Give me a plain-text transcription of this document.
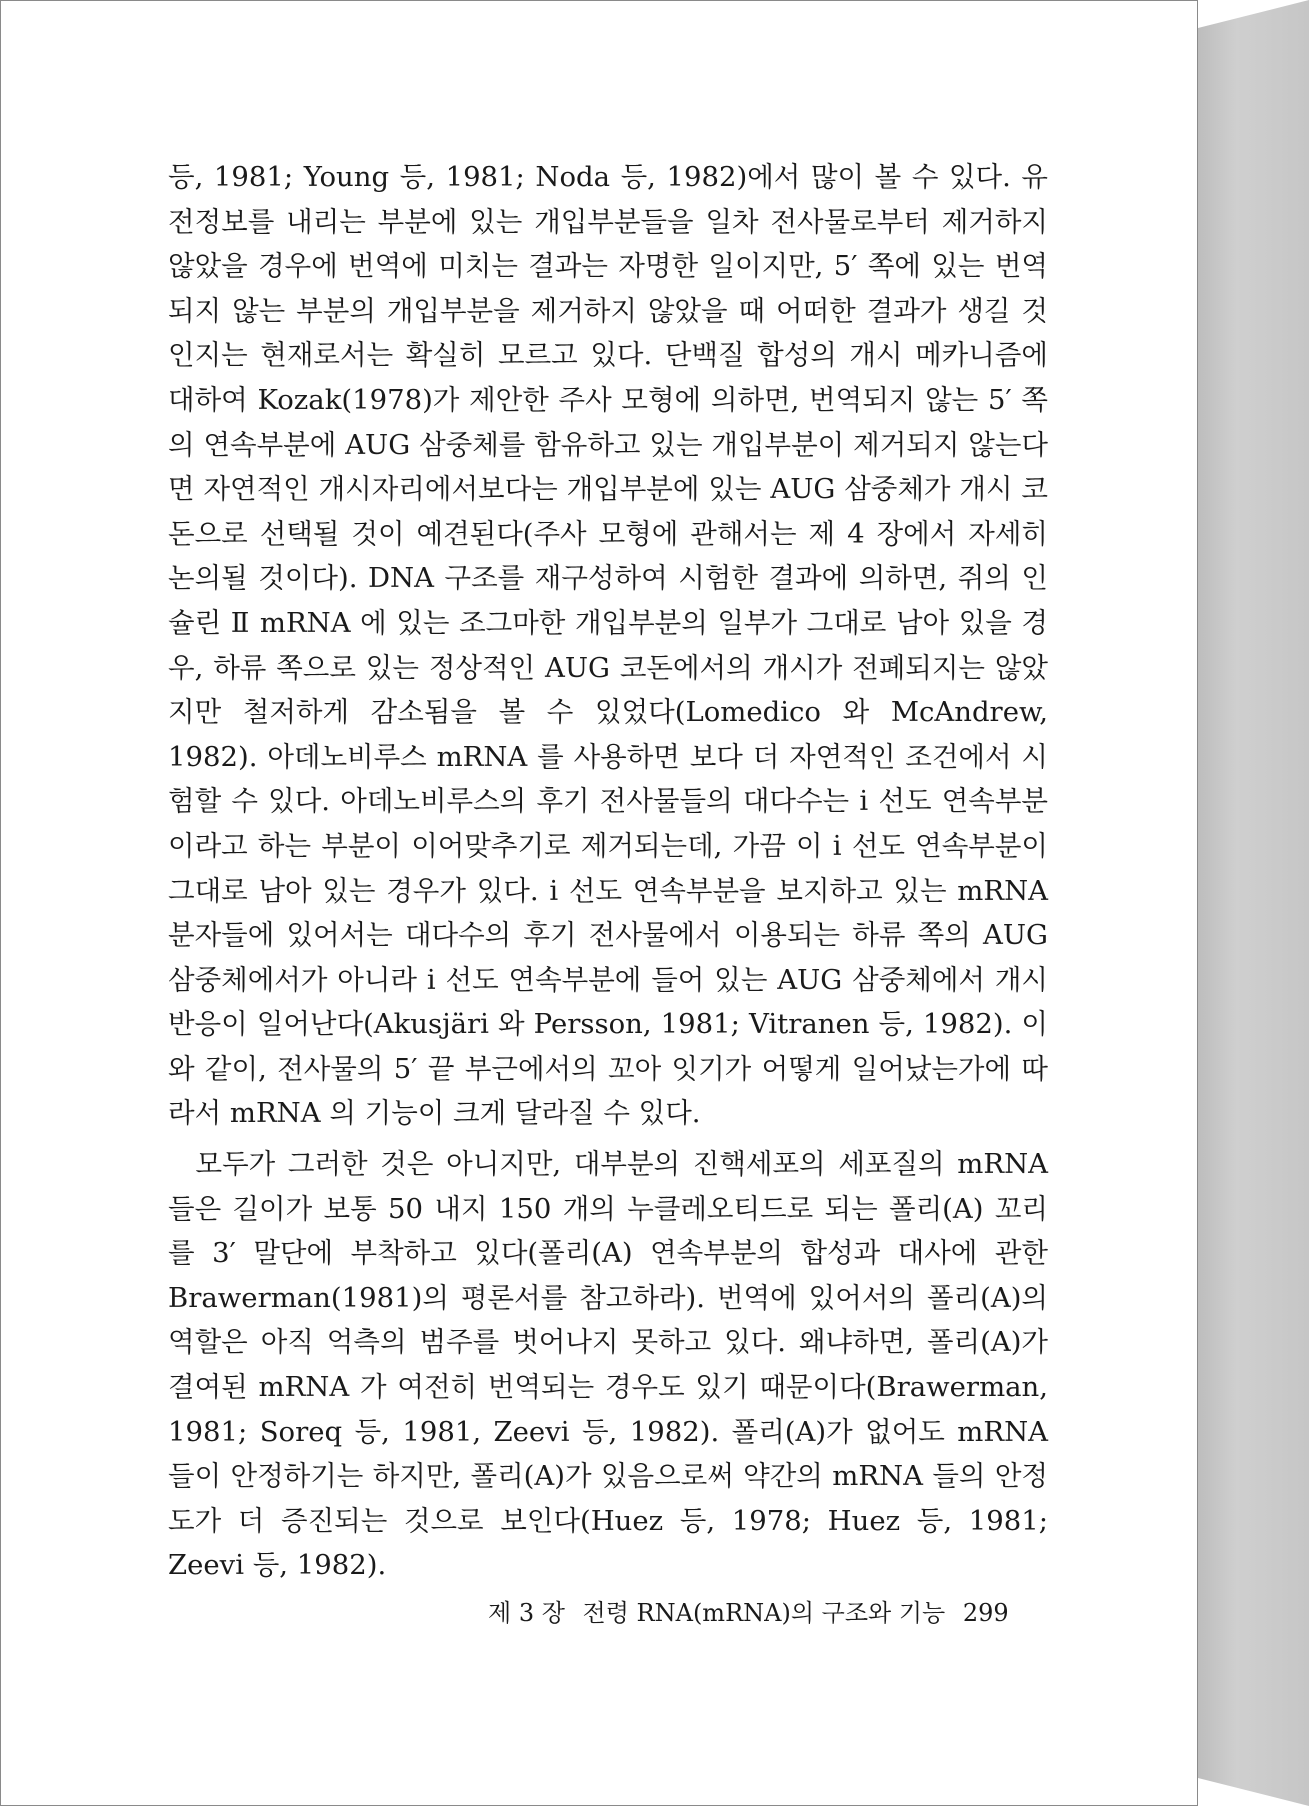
등, 1981; Young 등, 1981; Noda 등, 1982)에서 많이 볼 수 있다. 유전정보를 내리는 부분에 있는 개입부분들을 일차 전사물로부터 제거하지 않았을 경우에 번역에 미치는 결과는 자명한 일이지만, 5′ 쪽에 있는 번역되지 않는 부분의 개입부분을 제거하지 않았을 때 어떠한 결과가 생길 것인지는 현재로서는 확실히 모르고 있다. 단백질 합성의 개시 메카니즘에 대하여 Kozak(1978)가 제안한 주사 모형에 의하면, 번역되지 않는 5′ 쪽의 연속부분에 AUG 삼중체를 함유하고 있는 개입부분이 제거되지 않는다면 자연적인 개시자리에서보다는 개입부분에 있는 AUG 삼중체가 개시 코돈으로 선택될 것이 예견된다(주사 모형에 관해서는 제 4 장에서 자세히 논의될 것이다). DNA 구조를 재구성하여 시험한 결과에 의하면, 쥐의 인슐린 Ⅱ mRNA 에 있는 조그마한 개입부분의 일부가 그대로 남아 있을 경우, 하류 쪽으로 있는 정상적인 AUG 코돈에서의 개시가 전폐되지는 않았지만 철저하게 감소됨을 볼 수 있었다(Lomedico 와 McAndrew, 1982). 아데노비루스 mRNA 를 사용하면 보다 더 자연적인 조건에서 시험할 수 있다. 아데노비루스의 후기 전사물들의 대다수는 i 선도 연속부분이라고 하는 부분이 이어맞추기로 제거되는데, 가끔 이 i 선도 연속부분이 그대로 남아 있는 경우가 있다. i 선도 연속부분을 보지하고 있는 mRNA 분자들에 있어서는 대다수의 후기 전사물에서 이용되는 하류 쪽의 AUG 삼중체에서가 아니라 i 선도 연속부분에 들어 있는 AUG 삼중체에서 개시반응이 일어난다(Akusjäri 와 Persson, 1981; Vitranen 등, 1982). 이와 같이, 전사물의 5′ 끝 부근에서의 꼬아 잇기가 어떻게 일어났는가에 따라서 mRNA 의 기능이 크게 달라질 수 있다.

모두가 그러한 것은 아니지만, 대부분의 진핵세포의 세포질의 mRNA 들은 길이가 보통 50 내지 150 개의 누클레오티드로 되는 폴리(A) 꼬리를 3′ 말단에 부착하고 있다(폴리(A) 연속부분의 합성과 대사에 관한 Brawerman(1981)의 평론서를 참고하라). 번역에 있어서의 폴리(A)의 역할은 아직 억측의 범주를 벗어나지 못하고 있다. 왜냐하면, 폴리(A)가 결여된 mRNA 가 여전히 번역되는 경우도 있기 때문이다(Brawerman, 1981; Soreq 등, 1981, Zeevi 등, 1982). 폴리(A)가 없어도 mRNA 들이 안정하기는 하지만, 폴리(A)가 있음으로써 약간의 mRNA 들의 안정도가 더 증진되는 것으로 보인다(Huez 등, 1978; Huez 등, 1981; Zeevi 등, 1982).

제 3 장 전령 RNA(mRNA)의 구조와 기능 299
